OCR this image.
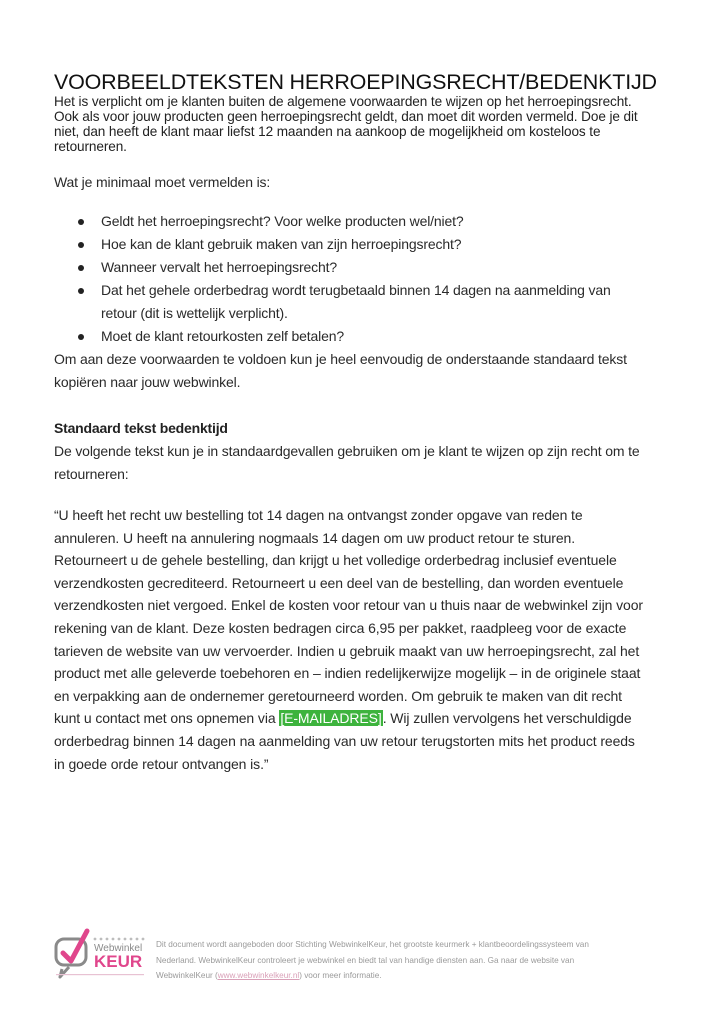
VOORBEELDTEKSTEN HERROEPINGSRECHT/BEDENKTIJD

Het is verplicht om je klanten buiten de algemene voorwaarden te wijzen op het herroepingsrecht. Ook als voor jouw producten geen herroepingsrecht geldt, dan moet dit worden vermeld. Doe je dit niet, dan heeft de klant maar liefst 12 maanden na aankoop de mogelijkheid om kosteloos te retourneren.

Wat je minimaal moet vermelden is:

Geldt het herroepingsrecht? Voor welke producten wel/niet?
Hoe kan de klant gebruik maken van zijn herroepingsrecht?
Wanneer vervalt het herroepingsrecht?
Dat het gehele orderbedrag wordt terugbetaald binnen 14 dagen na aanmelding van retour (dit is wettelijk verplicht).
Moet de klant retourkosten zelf betalen?

Om aan deze voorwaarden te voldoen kun je heel eenvoudig de onderstaande standaard tekst kopiëren naar jouw webwinkel.

Standaard tekst bedenktijd

De volgende tekst kun je in standaardgevallen gebruiken om je klant te wijzen op zijn recht om te retourneren:

“U heeft het recht uw bestelling tot 14 dagen na ontvangst zonder opgave van reden te annuleren. U heeft na annulering nogmaals 14 dagen om uw product retour te sturen. Retourneert u de gehele bestelling, dan krijgt u het volledige orderbedrag inclusief eventuele verzendkosten gecrediteerd. Retourneert u een deel van de bestelling, dan worden eventuele verzendkosten niet vergoed. Enkel de kosten voor retour van u thuis naar de webwinkel zijn voor rekening van de klant. Deze kosten bedragen circa 6,95 per pakket, raadpleeg voor de exacte tarieven de website van uw vervoerder. Indien u gebruik maakt van uw herroepingsrecht, zal het product met alle geleverde toebehoren en – indien redelijkerwijze mogelijk – in de originele staat en verpakking aan de ondernemer geretourneerd worden. Om gebruik te maken van dit recht kunt u contact met ons opnemen via [E-MAILADRES]. Wij zullen vervolgens het verschuldigde orderbedrag binnen 14 dagen na aanmelding van uw retour terugstorten mits het product reeds in goede orde retour ontvangen is.”

Webwinkel
KEUR
Dit document wordt aangeboden door Stichting WebwinkelKeur, het grootste keurmerk + klantbeoordelingssysteem van Nederland. WebwinkelKeur controleert je webwinkel en biedt tal van handige diensten aan. Ga naar de website van WebwinkelKeur (www.webwinkelkeur.nl) voor meer informatie.
